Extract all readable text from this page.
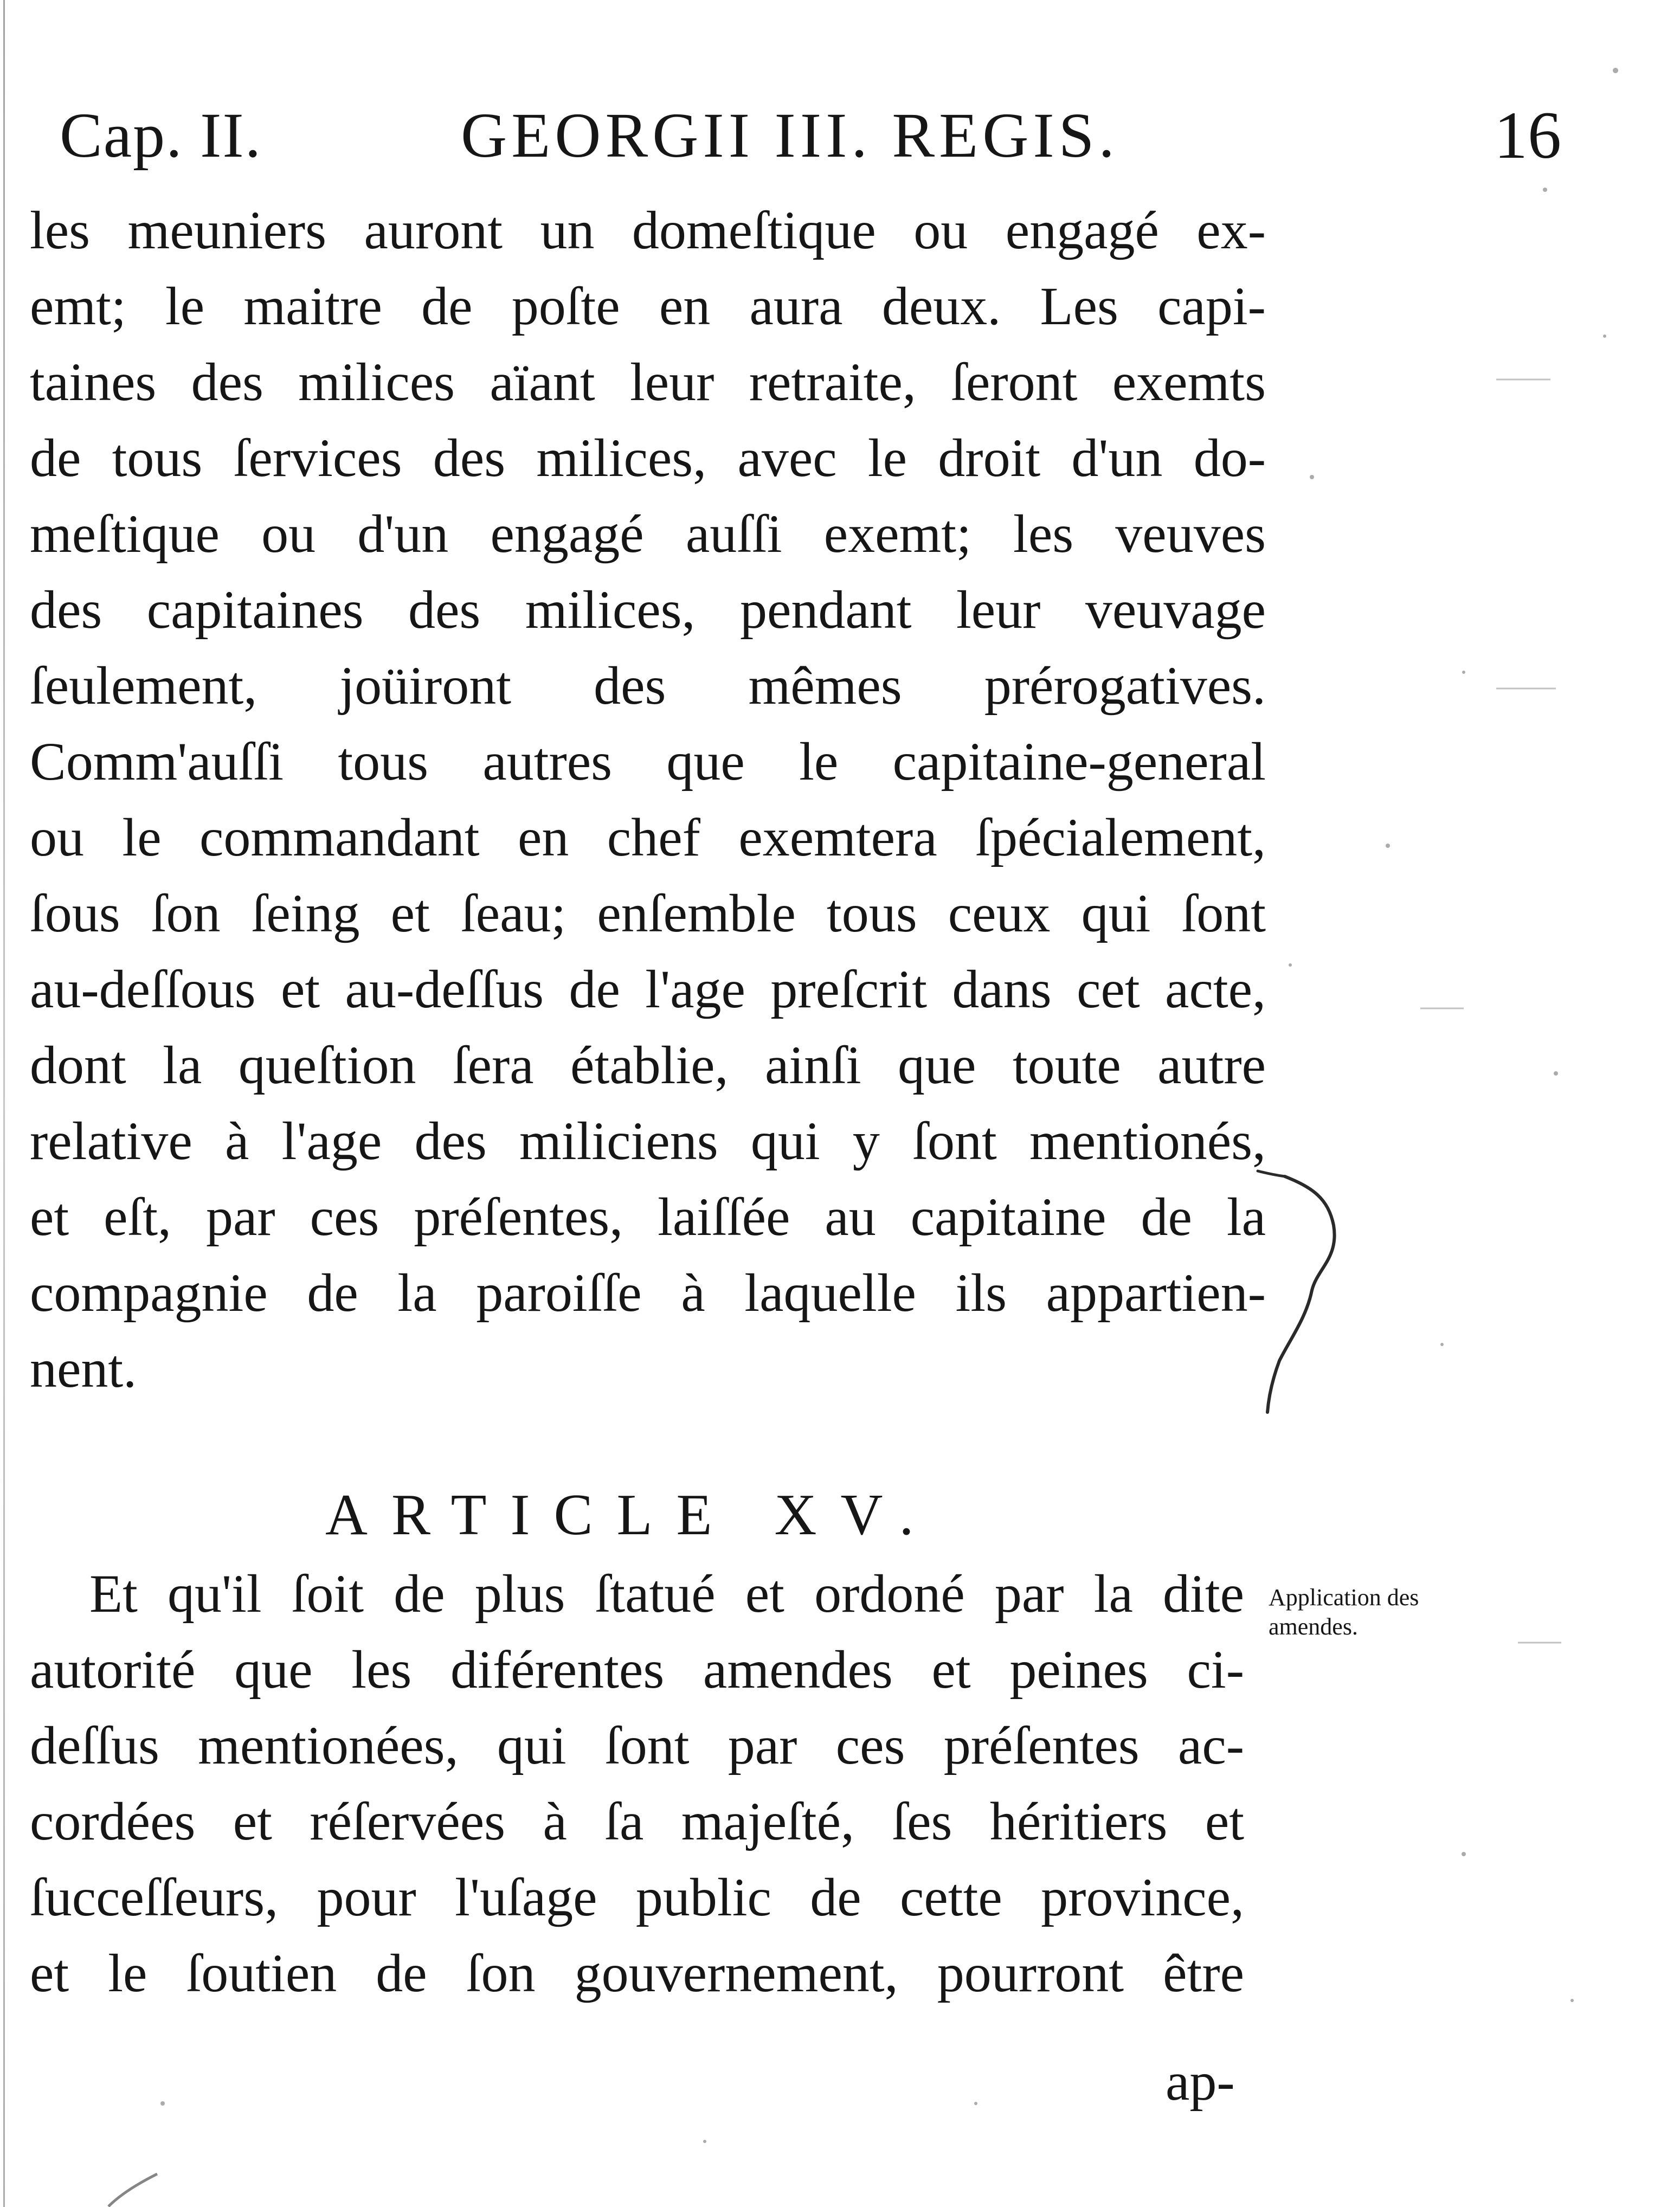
Cap. II.	GEORGII III. REGIS.	16
les meuniers auront un domeſtique ou engagé ex-
emt; le maitre de poſte en aura deux. Les capi-
taines des milices aïant leur retraite, ſeront exemts
de tous ſervices des milices, avec le droit d'un do-
meſtique ou d'un engagé auſſi exemt; les veuves
des capitaines des milices, pendant leur veuvage
ſeulement, joüiront des mêmes prérogatives.
Comm'auſſi tous autres que le capitaine-general
ou le commandant en chef exemtera ſpécialement,
ſous ſon ſeing et ſeau; enſemble tous ceux qui ſont
au-deſſous et au-deſſus de l'age preſcrit dans cet acte,
dont la queſtion ſera établie, ainſi que toute autre
relative à l'age des miliciens qui y ſont mentionés,
et eſt, par ces préſentes, laiſſée au capitaine de la
compagnie de la paroiſſe à laquelle ils appartien-
nent.
ARTICLE XV.
Et qu'il ſoit de plus ſtatué et ordoné par la dite
autorité que les diférentes amendes et peines ci-
deſſus mentionées, qui ſont par ces préſentes ac-
cordées et réſervées à ſa majeſté, ſes héritiers et
ſucceſſeurs, pour l'uſage public de cette province,
et le ſoutien de ſon gouvernement, pourront être
ap-
Application des
amendes.
